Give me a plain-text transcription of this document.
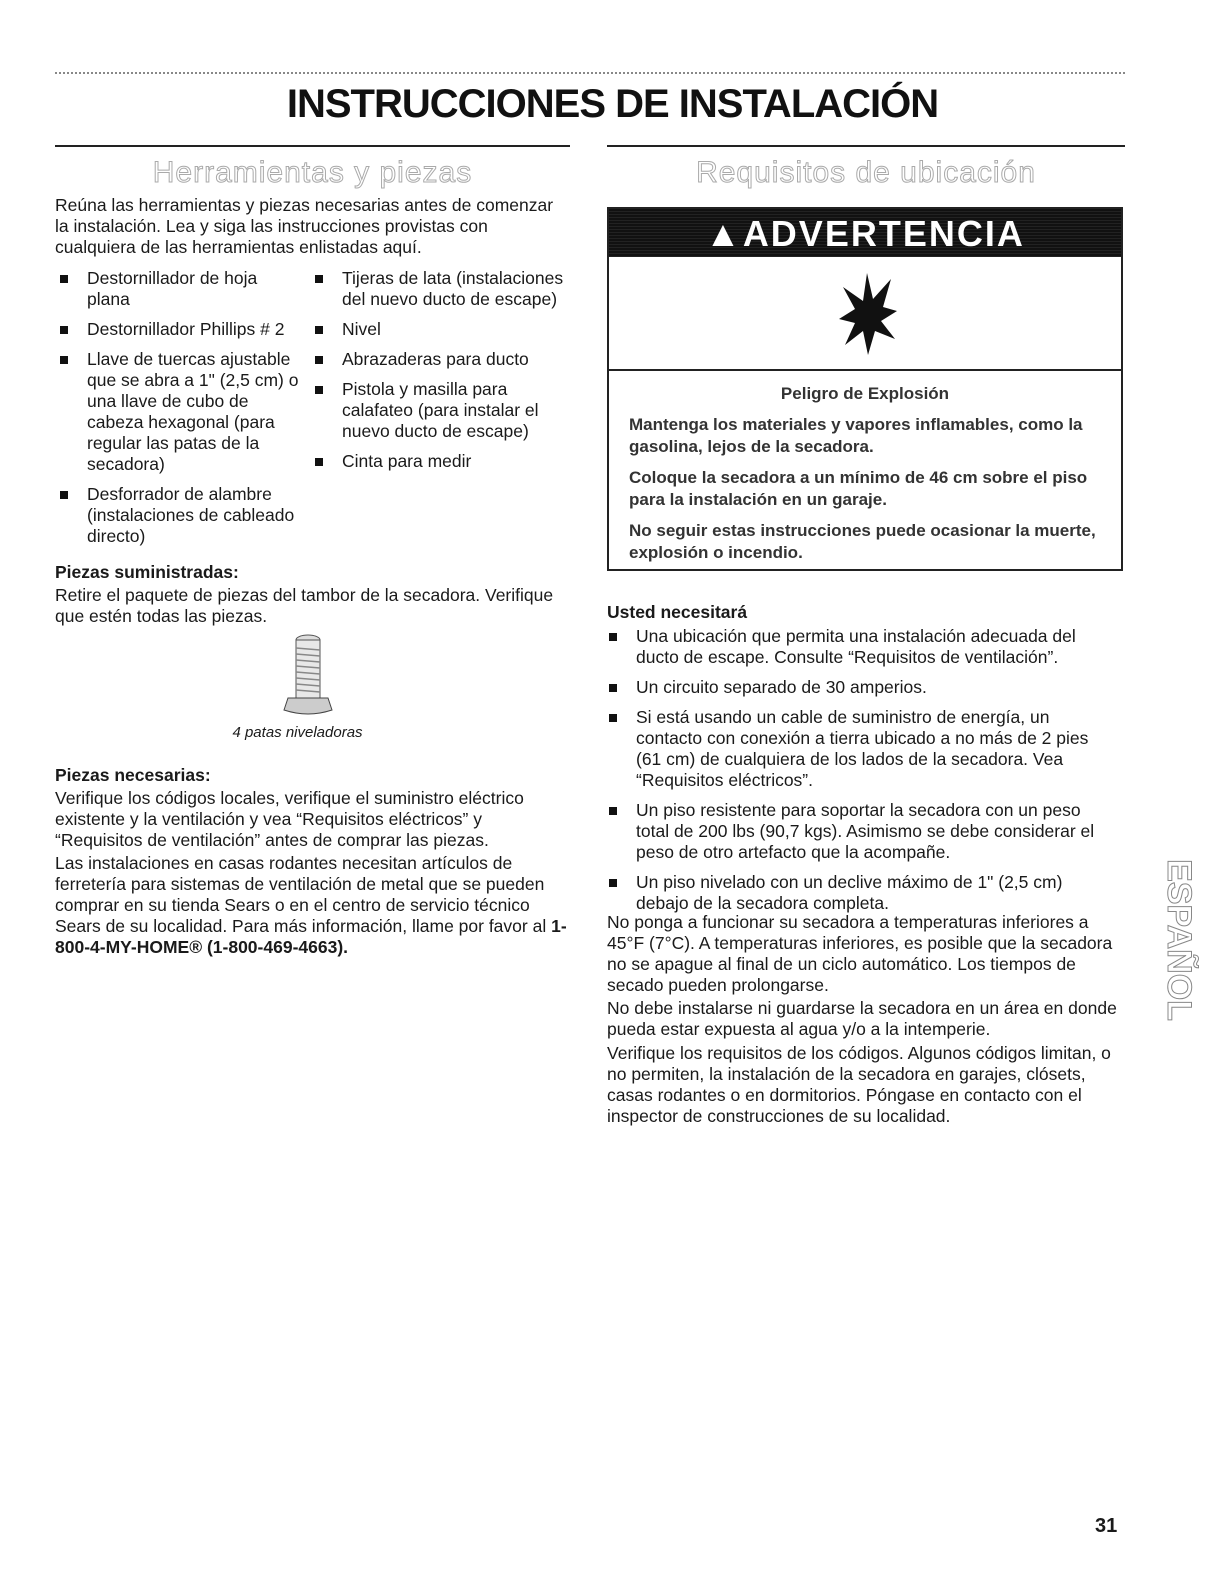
INSTRUCCIONES DE INSTALACIÓN
Herramientas y piezas

Reúna las herramientas y piezas necesarias antes de comenzar la instalación. Lea y siga las instrucciones provistas con cualquiera de las herramientas enlistadas aquí.

Destornillador de hoja plana
Destornillador Phillips # 2
Llave de tuercas ajustable que se abra a 1" (2,5 cm) o una llave de cubo de cabeza hexagonal (para regular las patas de la secadora)
Desforrador de alambre (instalaciones de cableado directo)
Tijeras de lata (instalaciones del nuevo ducto de escape)
Nivel
Abrazaderas para ducto
Pistola y masilla para calafateo (para instalar el nuevo ducto de escape)
Cinta para medir
Piezas suministradas:

Retire el paquete de piezas del tambor de la secadora. Verifique que estén todas las piezas.

4 patas niveladoras
Piezas necesarias:

Verifique los códigos locales, verifique el suministro eléctrico existente y la ventilación y vea “Requisitos eléctricos” y “Requisitos de ventilación” antes de comprar las piezas.

Las instalaciones en casas rodantes necesitan artículos de ferretería para sistemas de ventilación de metal que se pueden comprar en su tienda Sears o en el centro de servicio técnico Sears de su localidad. Para más información, llame por favor al 1-800-4-MY-HOME® (1-800-469-4663).

Requisitos de ubicación
▲ADVERTENCIA
Peligro de Explosión

Mantenga los materiales y vapores inflamables, como la gasolina, lejos de la secadora.

Coloque la secadora a un mínimo de 46 cm sobre el piso para la instalación en un garaje.

No seguir estas instrucciones puede ocasionar la muerte, explosión o incendio.

Usted necesitará
Una ubicación que permita una instalación adecuada del ducto de escape. Consulte “Requisitos de ventilación”.
Un circuito separado de 30 amperios.
Si está usando un cable de suministro de energía, un contacto con conexión a tierra ubicado a no más de 2 pies (61 cm) de cualquiera de los lados de la secadora. Vea “Requisitos eléctricos”.
Un piso resistente para soportar la secadora con un peso total de 200 lbs (90,7 kgs). Asimismo se debe considerar el peso de otro artefacto que la acompañe.
Un piso nivelado con un declive máximo de 1" (2,5 cm) debajo de la secadora completa.

No ponga a funcionar su secadora a temperaturas inferiores a 45°F (7°C). A temperaturas inferiores, es posible que la secadora no se apague al final de un ciclo automático. Los tiempos de secado pueden prolongarse.

No debe instalarse ni guardarse la secadora en un área en donde pueda estar expuesta al agua y/o a la intemperie.

Verifique los requisitos de los códigos. Algunos códigos limitan, o no permiten, la instalación de la secadora en garajes, clósets, casas rodantes o en dormitorios. Póngase en contacto con el inspector de construcciones de su localidad.

ESPAÑOL
31
